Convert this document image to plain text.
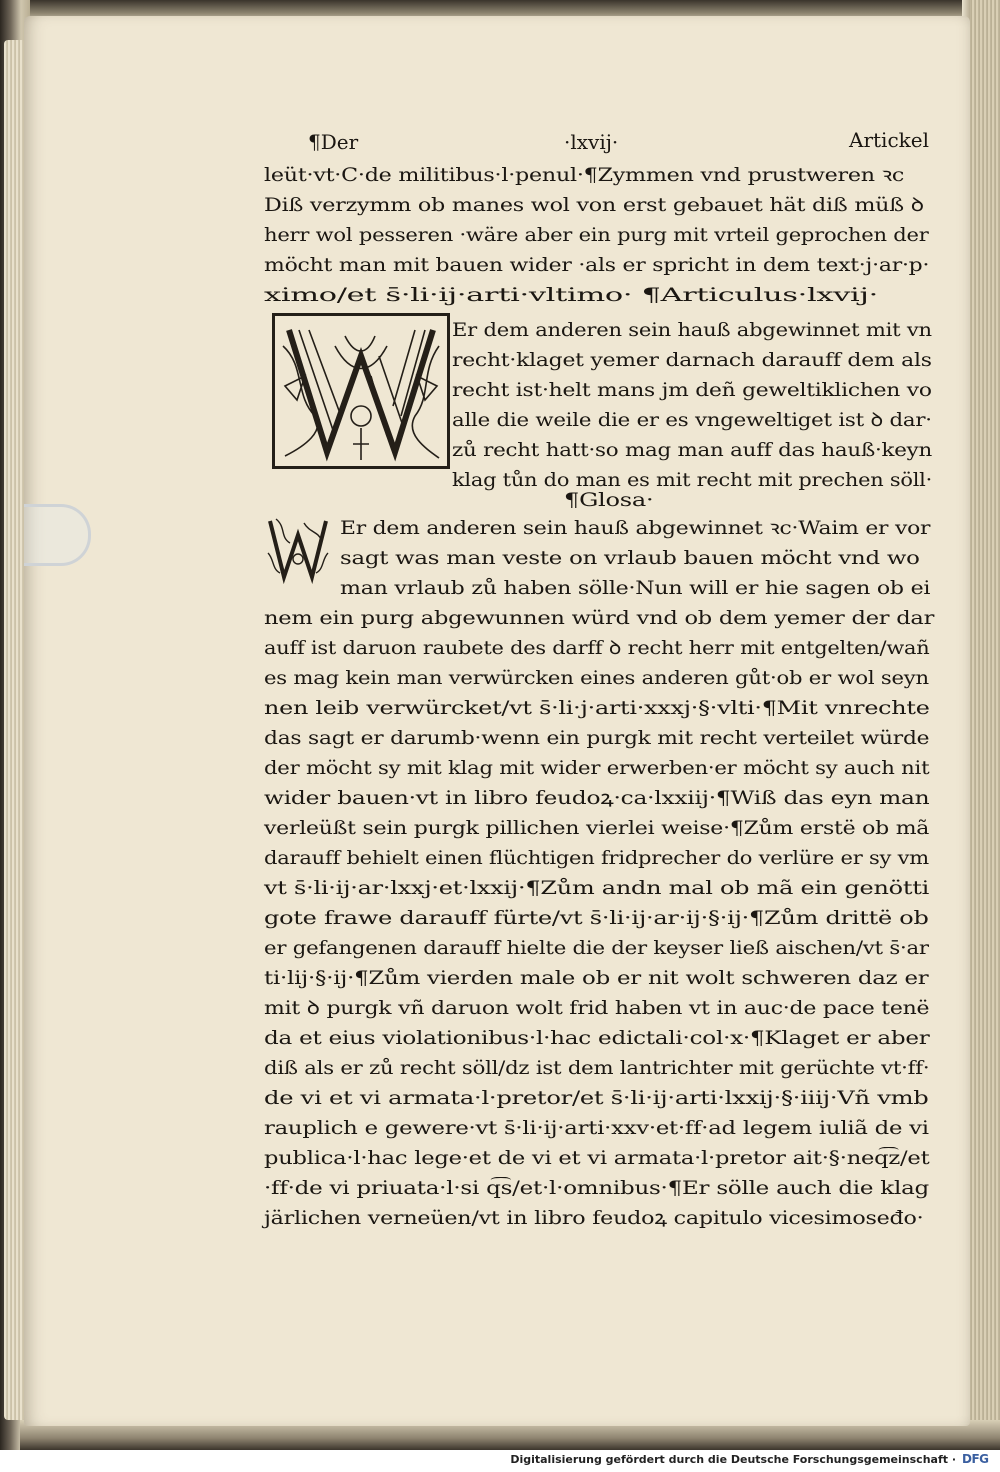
¶Der	·lxvij·	Artickel
leüt·vt·C·de militibus·l·penul·¶Zymmen vnd prustweren ꝛc
Diß verzymm ob manes wol von erst gebauet hät diß müß ꝺ
herr wol pesseren ·wäre aber ein purg mit vrteil geprochen der
möcht man mit bauen wider ·als er spricht in dem text·j·ar·p·
ximo/et s̄·li·ij·arti·vltimo· ¶Articulus·lxvij·
Er dem anderen sein hauß abgewinnet mit vn
recht·klaget yemer darnach darauff dem als
recht ist·helt mans jm deñ geweltiklichen vo
alle die weile die er es vngeweltiget ist ꝺ dar·
zů recht hatt·so mag man auff das hauß·keyn
klag tůn do man es mit recht mit prechen söll·
¶Glosa·
Er dem anderen sein hauß abgewinnet ꝛc·Waim er vor
sagt was man veste on vrlaub bauen möcht vnd wo
man vrlaub zů haben sölle·Nun will er hie sagen ob ei
nem ein purg abgewunnen würd vnd ob dem yemer der dar
auff ist daruon raubete des darff ꝺ recht herr mit entgelten/wañ
es mag kein man verwürcken eines anderen gůt·ob er wol seyn
nen leib verwürcket/vt s̄·li·j·arti·xxxj·§·vlti·¶Mit vnrechte
das sagt er darumb·wenn ein purgk mit recht verteilet würde
der möcht sy mit klag mit wider erwerben·er möcht sy auch nit
wider bauen·vt in libro feudoꝝ·ca·lxxiij·¶Wiß das eyn man
verleüßt sein purgk pillichen vierlei weise·¶Zům erstë ob mã
darauff behielt einen flüchtigen fridprecher do verlüre er sy vm
vt s̄·li·ij·ar·lxxj·et·lxxij·¶Zům andn mal ob mã ein genötti
gote frawe darauff fürte/vt s̄·li·ij·ar·ij·§·ij·¶Zům drittë ob
er gefangenen darauff hielte die der keyser ließ aischen/vt s̄·ar
ti·lij·§·ij·¶Zům vierden male ob er nit wolt schweren daz er
mit ꝺ purgk vñ daruon wolt frid haben vt in auc·de pace tenë
da et eius violationibus·l·hac edictali·col·x·¶Klaget er aber
diß als er zů recht söll/dz ist dem lantrichter mit gerüchte vt·ff·
de vi et vi armata·l·pretor/et s̄·li·ij·arti·lxxij·§·iiij·Vñ vmb
rauplich e gewere·vt s̄·li·ij·arti·xxv·et·ff·ad legem iuliã de vi
publica·l·hac lege·et de vi et vi armata·l·pretor ait·§·neq͡z/et
·ff·de vi priuata·l·si q͡s/et·l·omnibus·¶Er sölle auch die klag
järlichen verneüen/vt in libro feudoꝝ capitulo vicesimoseđo·
Digitalisierung gefördert durch die Deutsche Forschungsgemeinschaft · DFG
